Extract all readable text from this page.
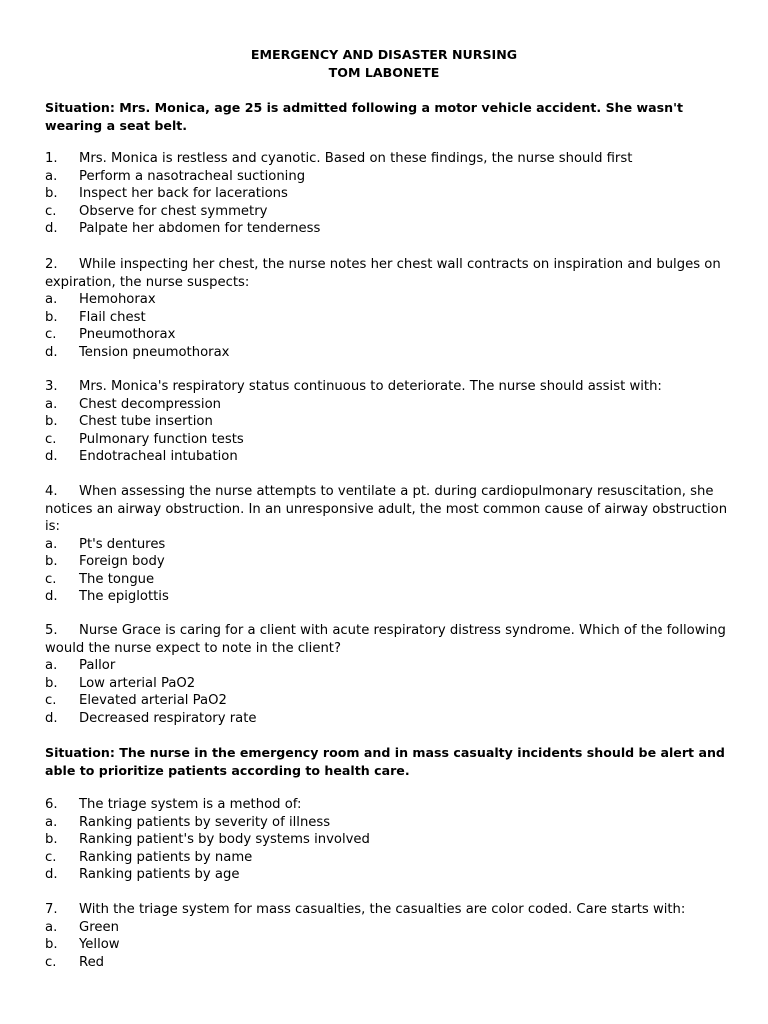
EMERGENCY AND DISASTER NURSING
TOM LABONETE
Situation: Mrs. Monica, age 25 is admitted following a motor vehicle accident. She wasn't wearing a seat belt.
1.	Mrs. Monica is restless and cyanotic. Based on these findings, the nurse should first
a.	Perform a nasotracheal suctioning
b.	Inspect her back for lacerations
c.	Observe for chest symmetry
d.	Palpate her abdomen for tenderness
2. While inspecting her chest, the nurse notes her chest wall contracts on inspiration and bulges on expiration, the nurse suspects:
a.	Hemohorax
b.	Flail chest
c.	Pneumothorax
d.	Tension pneumothorax
3.	Mrs. Monica's respiratory status continuous to deteriorate. The nurse should assist with:
a.	Chest decompression
b.	Chest tube insertion
c.	Pulmonary function tests
d.	Endotracheal intubation
4. When assessing the nurse attempts to ventilate a pt. during cardiopulmonary resuscitation, she notices an airway obstruction. In an unresponsive adult, the most common cause of airway obstruction is:
a.	Pt's dentures
b.	Foreign body
c.	The tongue
d.	The epiglottis
5. Nurse Grace is caring for a client with acute respiratory distress syndrome. Which of the following would the nurse expect to note in the client?
a.	Pallor
b.	Low arterial PaO2
c.	Elevated arterial PaO2
d.	Decreased respiratory rate
Situation: The nurse in the emergency room and in mass casualty incidents should be alert and able to prioritize patients according to health care.
6.	The triage system is a method of:
a.	Ranking patients by severity of illness
b.	Ranking patient's by body systems involved
c.	Ranking patients by name
d.	Ranking patients by age
7.	With the triage system for mass casualties, the casualties are color coded. Care starts with:
a.	Green
b.	Yellow
c.	Red
